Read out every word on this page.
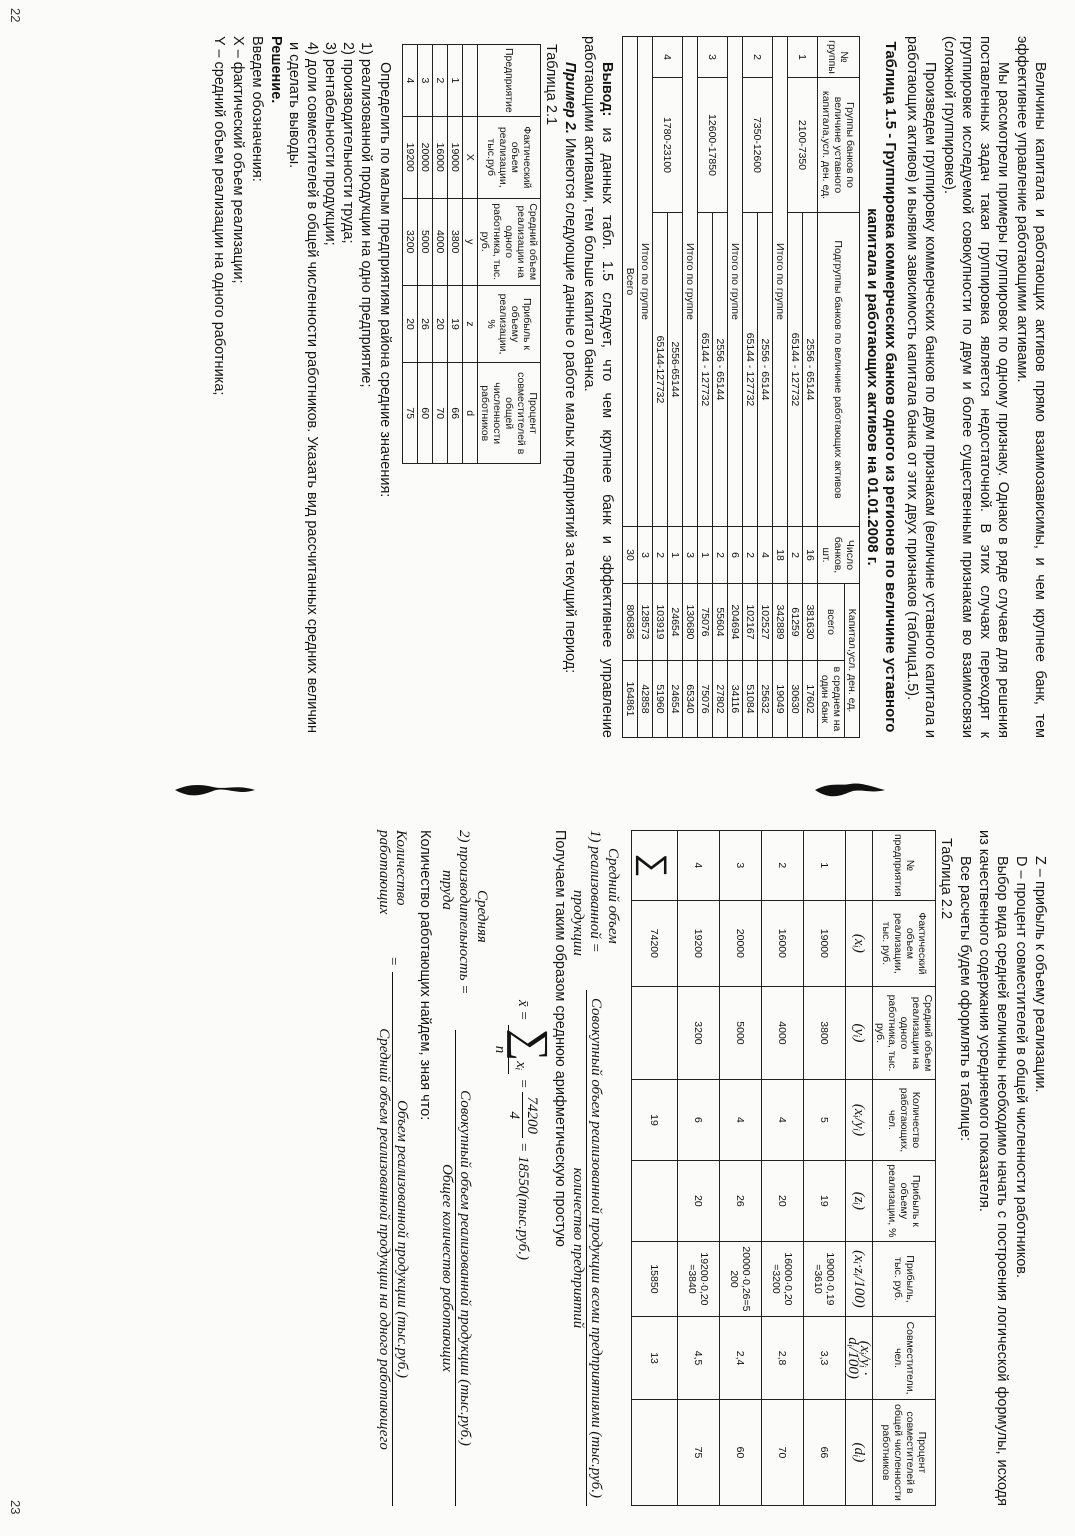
Величины капитала и работающих активов прямо взаимозависимы, и чем крупнее банк, тем эффективнее управление работающими активами.

Мы рассмотрели примеры группировок по одному признаку. Однако в ряде случаев для решения поставленных задач такая группировка является недостаточной. В этих случаях переходят к группировке исследуемой совокупности по двум и более существенным признакам во взаимосвязи (сложной группировке).

Произведем группировку коммерческих банков по двум признакам (величине уставного капитала и работающих активов) и выявим зависимость капитала банка от этих двух признаков (таблица1.5).

Таблица 1.5 - Группировка коммерческих банков одного из регионов по величине уставного капитала и работающих активов на 01.01.2008 г.
№ группы	Группы банков по величине уставного капитала,усл. ден. ед.	Подгруппы банков по величине работающих активов	Число банков, шт.	Капитал,усл. ден. ед.	
				всего	в среднем на один банк
1	2100-7350	2556 - 65144	16	381630	17602
		65144 - 127732	2	61259	30630
Итого по группе			18	342889	19049
2	7350-12600	2556 - 65144	4	102527	25632
		65144 - 127732	2	102167	51084
Итого по группе			6	204694	34116
3	12600-17850	2556 - 65144	2	55604	27802
		65144 - 127732	1	75076	75076
Итого по группе			3	130680	65340
4	1780-23100	2556-65144	1	24654	24654
		65144-127732	2	103919	51960
Итого по группе			3	128573	42858
Всего			30	806836	164861

Вывод: из данных табл. 1.5 следует, что чем крупнее банк и эффективнее управление работающими активами, тем больше капитал банка.

Пример 2. Имеются следующие данные о работе малых предприятий за текущий период:

Таблица 2.1
Предприятие	Фактический объем реализации, тыс.руб	Средний объем реализации на одного работника, тыс. руб.	Прибыль к объему реализации, %	Процент совместителей в общей численности работников
	X	y	z	d
1	19000	3800	19	66
2	16000	4000	20	70
3	20000	5000	26	60
4	19200	3200	20	75

Определить по малым предприятиям района средние значения:

1) реализованной продукции на одно предприятие;
2) производительности труда;
3) рентабельности продукции;
4) доли совместителей в общей численности работников. Указать вид рассчитанных средних величин и сделать выводы.

Решение.

Введем обозначения:

X – фактический объем реализации;

Y – средний объем реализации на одного работника;

Z – прибыль к объему реализации.

D – процент совместителей в общей численности работников.

Выбор вида средней величины необходимо начать с построения логической формулы, исходя из качественного содержания усредняемого показателя.

Все расчеты будем оформлять в таблице:

Таблица 2.2
№ предприятия	Фактический объем реализации, тыс. руб.	Средний объем реализации на одного работника, тыс. руб.	Количество работающих, чел.	Прибыль к объему реализации, %	Прибыль, тыс. руб.	Совместители, чел.	Процент совместителей в общей численности работников
	(xᵢ)	(yᵢ)	(xᵢ/yᵢ)	(zᵢ)	(xᵢ·zᵢ/100)	(xᵢ/yᵢ · dᵢ/100)	(dᵢ)
1	19000	3800	5	19	19000·0,19 =3610	3,3	66
2	16000	4000	4	20	16000·0,20 =3200	2,8	70
3	20000	5000	4	26	20000·0,26=5 200	2,4	60
4	19200	3200	6	20	19200·0,20 =3840	4,5	75
∑	74200		19		15850	13	
Средний объем
1) реализованной =
продукции
Совокупный объем реализованной продукции всеми предприятиями (тыс.руб.)
количество предприятий

Получаем таким образом среднюю арифметическую простую

x̄ =
∑xᵢ
n
=
74200
4
= 18550(тыс.руб.)
Средняя
2) производительность =
труда
Совокупный объем реализованной продукции (тыс.руб.)
Общее количество работающих

Количество работающих найдем, зная что:

Количество
работающих
=
Объем реализованной продукции (тыс.руб.)
Средний объем реализованной продукции на одного работающего
22
23
